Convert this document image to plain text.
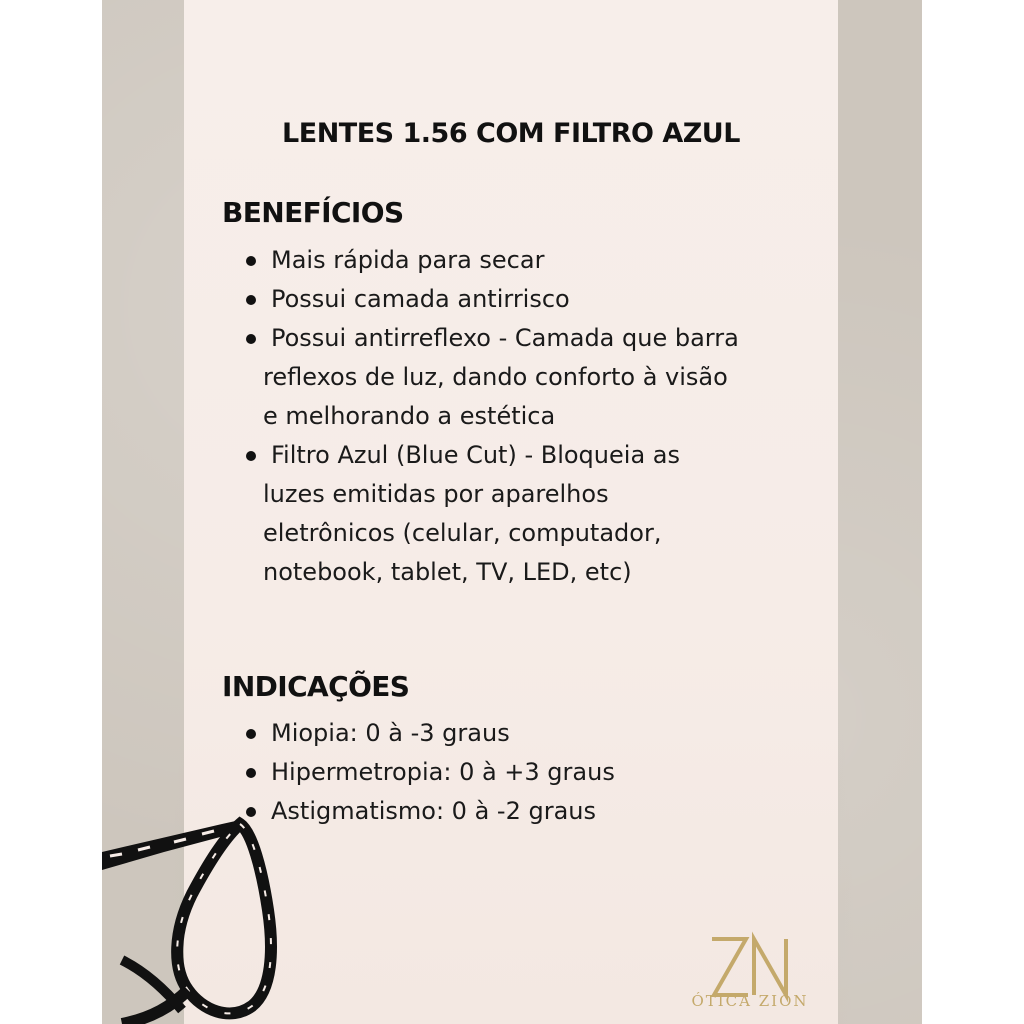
LENTES 1.56 COM FILTRO AZUL
BENEFÍCIOS
Mais rápida para secar
Possui camada antirrisco
Possui antirreflexo - Camada que barra reflexos de luz, dando conforto à visão e melhorando a estética
Filtro Azul (Blue Cut) - Bloqueia as luzes emitidas por aparelhos eletrônicos (celular, computador, notebook, tablet, TV, LED, etc)
INDICAÇÕES
Miopia: 0 à -3 graus
Hipermetropia: 0 à +3 graus
Astigmatismo: 0 à -2 graus
ÓTICA ZION
